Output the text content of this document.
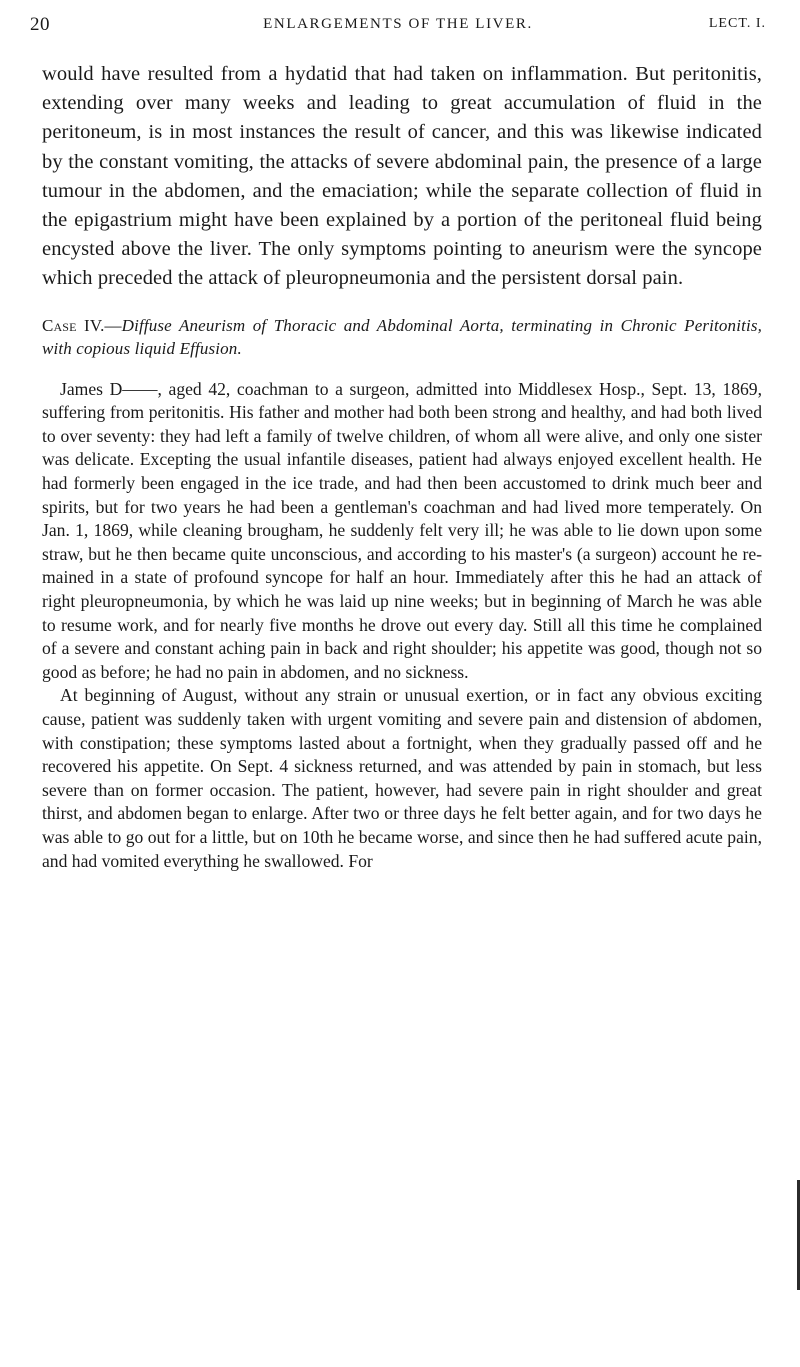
20	ENLARGEMENTS OF THE LIVER.	LECT. I.

would have resulted from a hydatid that had taken on inflammation. But peritonitis, extending over many weeks and leading to great accumulation of fluid in the peritoneum, is in most instances the result of cancer, and this was likewise indicated by the constant vomiting, the attacks of severe abdominal pain, the presence of a large tumour in the abdomen, and the emaciation; while the separate collection of fluid in the epigastrium might have been explained by a portion of the peritoneal fluid being encysted above the liver. The only symptoms pointing to aneurism were the syncope which preceded the attack of pleuropneumonia and the persistent dorsal pain.

Case IV.—Diffuse Aneurism of Thoracic and Abdominal Aorta, terminating in Chronic Peritonitis, with copious liquid Effusion.

James D——, aged 42, coachman to a surgeon, admitted into Middlesex Hosp., Sept. 13, 1869, suffering from peritonitis. His father and mother had both been strong and healthy, and had both lived to over seventy: they had left a family of twelve children, of whom all were alive, and only one sister was delicate. Excepting the usual infantile diseases, patient had always enjoyed excellent health. He had formerly been engaged in the ice trade, and had then been accustomed to drink much beer and spirits, but for two years he had been a gentleman's coachman and had lived more temperately. On Jan. 1, 1869, while cleaning brougham, he suddenly felt very ill; he was able to lie down upon some straw, but he then became quite unconscious, and according to his master's (a surgeon) account he remained in a state of profound syncope for half an hour. Immediately after this he had an attack of right pleuropneumonia, by which he was laid up nine weeks; but in beginning of March he was able to resume work, and for nearly five months he drove out every day. Still all this time he complained of a severe and constant aching pain in back and right shoulder; his appetite was good, though not so good as before; he had no pain in abdomen, and no sickness.

At beginning of August, without any strain or unusual exertion, or in fact any obvious exciting cause, patient was suddenly taken with urgent vomiting and severe pain and distension of abdomen, with constipation; these symptoms lasted about a fortnight, when they gradually passed off and he recovered his appetite. On Sept. 4 sickness returned, and was attended by pain in stomach, but less severe than on former occasion. The patient, however, had severe pain in right shoulder and great thirst, and abdomen began to enlarge. After two or three days he felt better again, and for two days he was able to go out for a little, but on 10th he became worse, and since then he had suffered acute pain, and had vomited everything he swallowed. For
